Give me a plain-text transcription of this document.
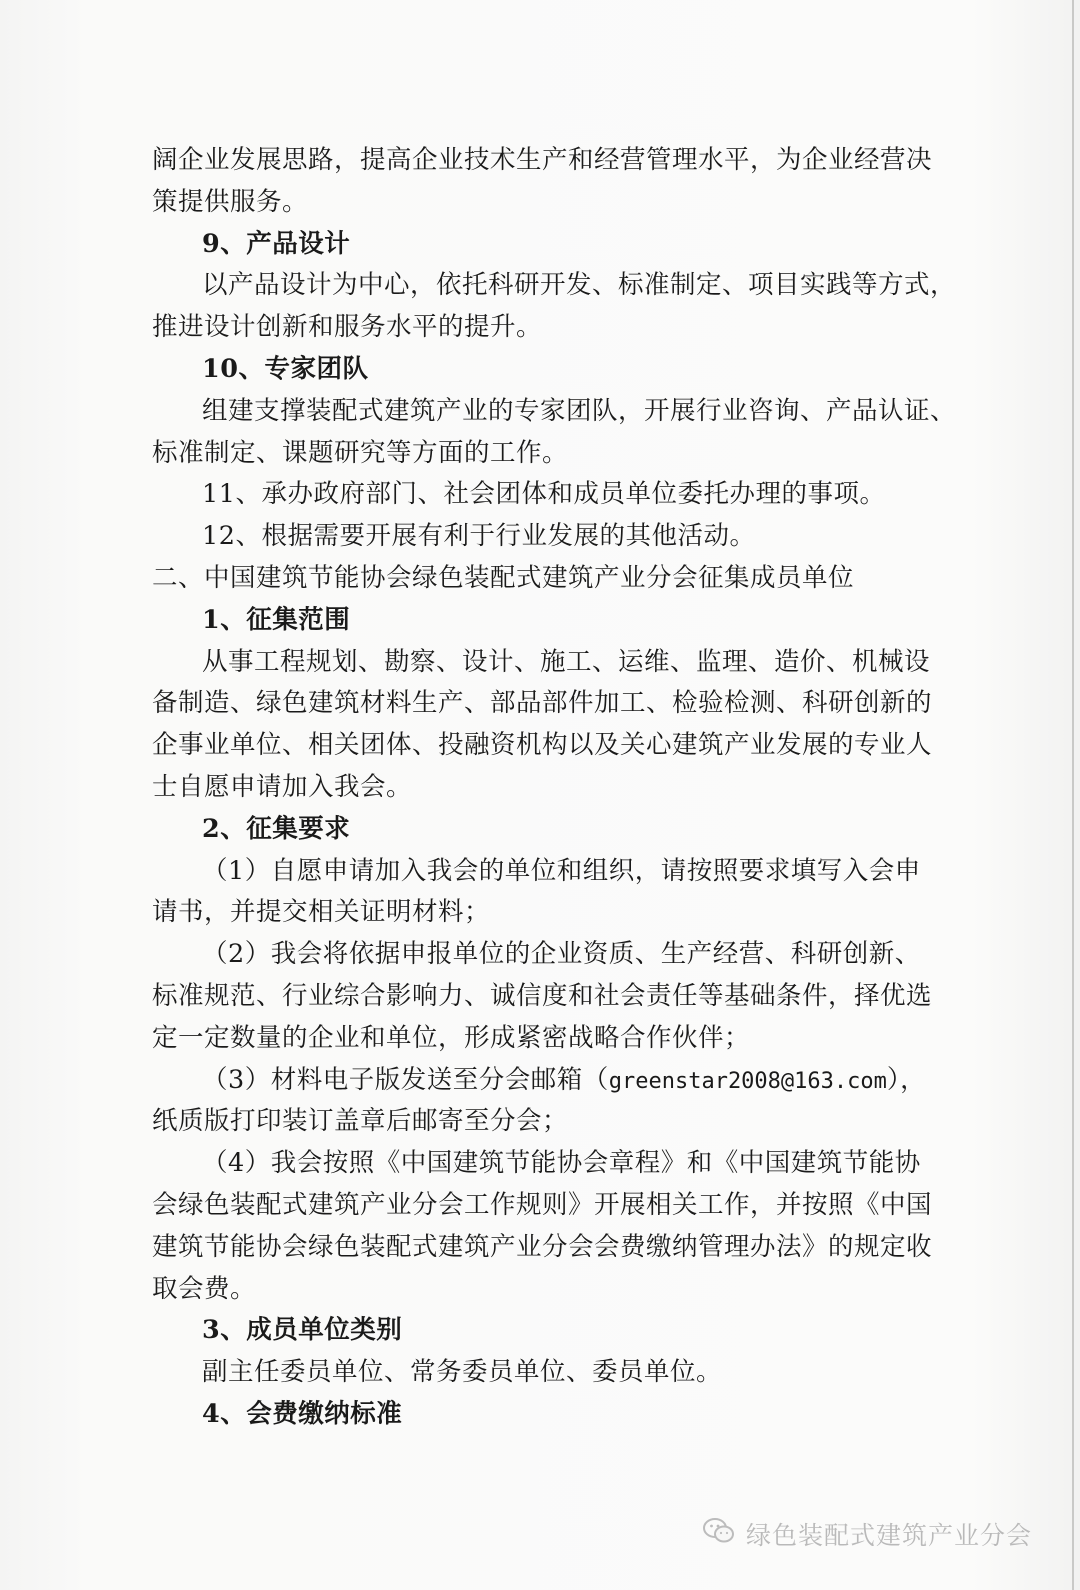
阔企业发展思路，提高企业技术生产和经营管理水平，为企业经营决
策提供服务。
9、产品设计
以产品设计为中心，依托科研开发、标准制定、项目实践等方式，
推进设计创新和服务水平的提升。
10、专家团队
组建支撑装配式建筑产业的专家团队，开展行业咨询、产品认证、
标准制定、课题研究等方面的工作。
11、承办政府部门、社会团体和成员单位委托办理的事项。
12、根据需要开展有利于行业发展的其他活动。
二、中国建筑节能协会绿色装配式建筑产业分会征集成员单位
1、征集范围
从事工程规划、勘察、设计、施工、运维、监理、造价、机械设
备制造、绿色建筑材料生产、部品部件加工、检验检测、科研创新的
企事业单位、相关团体、投融资机构以及关心建筑产业发展的专业人
士自愿申请加入我会。
2、征集要求
（1）自愿申请加入我会的单位和组织，请按照要求填写入会申
请书，并提交相关证明材料；
（2）我会将依据申报单位的企业资质、生产经营、科研创新、
标准规范、行业综合影响力、诚信度和社会责任等基础条件，择优选
定一定数量的企业和单位，形成紧密战略合作伙伴；
（3）材料电子版发送至分会邮箱（greenstar2008@163.com），
纸质版打印装订盖章后邮寄至分会；
（4）我会按照《中国建筑节能协会章程》和《中国建筑节能协
会绿色装配式建筑产业分会工作规则》开展相关工作，并按照《中国
建筑节能协会绿色装配式建筑产业分会会费缴纳管理办法》的规定收
取会费。
3、成员单位类别
副主任委员单位、常务委员单位、委员单位。
4、会费缴纳标准
绿色装配式建筑产业分会
